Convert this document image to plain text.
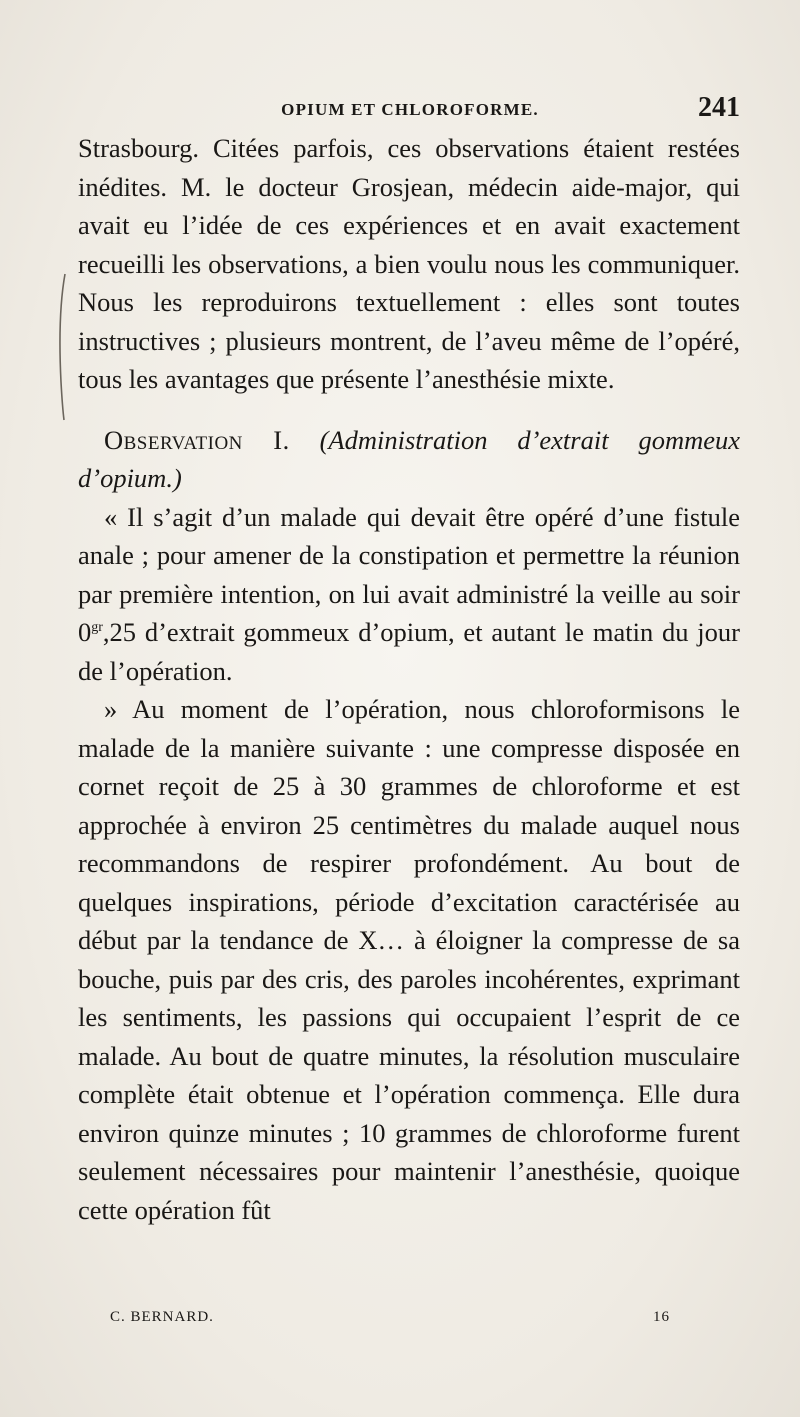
OPIUM ET CHLOROFORME.	241

Strasbourg. Citées parfois, ces observations étaient restées inédites. M. le docteur Grosjean, médecin aide-major, qui avait eu l’idée de ces expériences et en avait exactement recueilli les observations, a bien voulu nous les communiquer. Nous les reproduirons textuellement : elles sont toutes instructives ; plusieurs montrent, de l’aveu même de l’opéré, tous les avantages que présente l’anesthésie mixte.

Observation I. (Administration d’extrait gommeux d’opium.)

« Il s’agit d’un malade qui devait être opéré d’une fistule anale ; pour amener de la constipation et permettre la réunion par première intention, on lui avait administré la veille au soir $0^{gr},25$ d’extrait gommeux d’opium, et autant le matin du jour de l’opération.

» Au moment de l’opération, nous chloroformisons le malade de la manière suivante : une compresse disposée en cornet reçoit de 25 à 30 grammes de chloroforme et est approchée à environ 25 centimètres du malade auquel nous recommandons de respirer profondément. Au bout de quelques inspirations, période d’excitation caractérisée au début par la tendance de X… à éloigner la compresse de sa bouche, puis par des cris, des paroles incohérentes, exprimant les sentiments, les passions qui occupaient l’esprit de ce malade. Au bout de quatre minutes, la résolution musculaire complète était obtenue et l’opération commença. Elle dura environ quinze minutes ; 10 grammes de chloroforme furent seulement nécessaires pour maintenir l’anesthésie, quoique cette opération fût

C. BERNARD.	16
